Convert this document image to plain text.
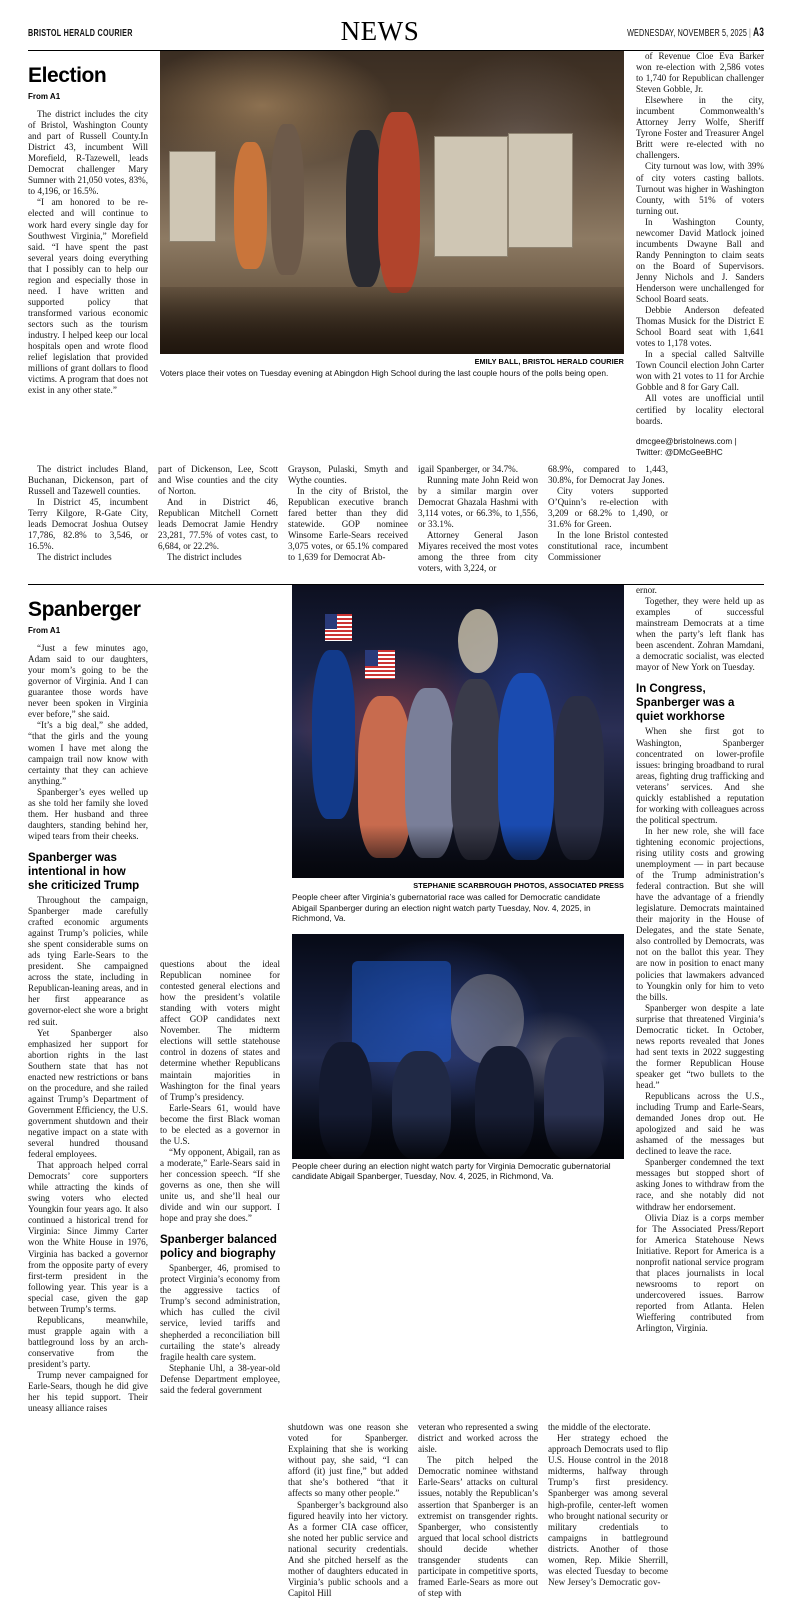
BRISTOL HERALD COURIER	NEWS	WEDNESDAY, NOVEMBER 5, 2025 | A3
Election
From A1

The district includes the city of Bristol, Washington County and part of Russell County.In District 43, incumbent Will Morefield, R-Tazewell, leads Democrat challenger Mary Sumner with 21,050 votes, 83%, to 4,196, or 16.5%.

“I am honored to be re-elected and will continue to work hard every single day for Southwest Virginia,” Morefield said. “I have spent the past several years doing everything that I possibly can to help our region and especially those in need. I have written and supported policy that transformed various economic sectors such as the tourism industry. I helped keep our local hospitals open and wrote flood relief legislation that provided millions of grant dollars to flood victims. A program that does not exist in any other state.”

EMILY BALL, BRISTOL HERALD COURIER
Voters place their votes on Tuesday evening at Abingdon High School during the last couple hours of the polls being open.

of Revenue Cloe Eva Barker won re-election with 2,586 votes to 1,740 for Republican challenger Steven Gobble, Jr.

Elsewhere in the city, incumbent Commonwealth’s Attorney Jerry Wolfe, Sheriff Tyrone Foster and Treasurer Angel Britt were re-elected with no challengers.

City turnout was low, with 39% of city voters casting ballots. Turnout was higher in Washington County, with 51% of voters turning out.

In Washington County, newcomer David Matlock joined incumbents Dwayne Ball and Randy Pennington to claim seats on the Board of Supervisors. Jenny Nichols and J. Sanders Henderson were unchallenged for School Board seats.

Debbie Anderson defeated Thomas Musick for the District E School Board seat with 1,641 votes to 1,178 votes.

In a special called Saltville Town Council election John Carter won with 21 votes to 11 for Archie Gobble and 8 for Gary Call.

All votes are unofficial until certified by locality electoral boards.

dmcgee@bristolnews.com | Twitter: @DMcGeeBHC

The district includes Bland, Buchanan, Dickenson, part of Russell and Tazewell counties.

In District 45, incumbent Terry Kilgore, R-Gate City, leads Democrat Joshua Outsey 17,786, 82.8% to 3,546, or 16.5%.

The district includes

part of Dickenson, Lee, Scott and Wise counties and the city of Norton.

And in District 46, Republican Mitchell Cornett leads Democrat Jamie Hendry 23,281, 77.5% of votes cast, to 6,684, or 22.2%.

The district includes

Grayson, Pulaski, Smyth and Wythe counties.

In the city of Bristol, the Republican executive branch fared better than they did statewide. GOP nominee Winsome Earle-Sears received 3,075 votes, or 65.1% compared to 1,639 for Democrat Ab-

igail Spanberger, or 34.7%.

Running mate John Reid won by a similar margin over Democrat Ghazala Hashmi with 3,114 votes, or 66.3%, to 1,556, or 33.1%.

Attorney General Jason Miyares received the most votes among the three from city voters, with 3,224, or

68.9%, compared to 1,443, 30.8%, for Democrat Jay Jones.

City voters supported O’Quinn’s re-election with 3,209 or 68.2% to 1,490, or 31.6% for Green.

In the lone Bristol contested constitutional race, incumbent Commissioner

Spanberger
From A1

“Just a few minutes ago, Adam said to our daughters, your mom’s going to be the governor of Virginia. And I can guarantee those words have never been spoken in Virginia ever before,” she said.

“It’s a big deal,” she added, “that the girls and the young women I have met along the campaign trail now know with certainty that they can achieve anything.”

Spanberger’s eyes welled up as she told her family she loved them. Her husband and three daughters, standing behind her, wiped tears from their cheeks.

Spanberger was intentional in how she criticized Trump

Throughout the campaign, Spanberger made carefully crafted economic arguments against Trump’s policies, while she spent considerable sums on ads tying Earle-Sears to the president. She campaigned across the state, including in Republican-leaning areas, and in her first appearance as governor-elect she wore a bright red suit.

Yet Spanberger also emphasized her support for abortion rights in the last Southern state that has not enacted new restrictions or bans on the procedure, and she railed against Trump’s Department of Government Efficiency, the U.S. government shutdown and their negative impact on a state with several hundred thousand federal employees.

That approach helped corral Democrats’ core supporters while attracting the kinds of swing voters who elected Youngkin four years ago. It also continued a historical trend for Virginia: Since Jimmy Carter won the White House in 1976, Virginia has backed a governor from the opposite party of every first-term president in the following year. This year is a special case, given the gap between Trump’s terms.

Republicans, meanwhile, must grapple again with a battleground loss by an arch-conservative from the president’s party.

Trump never campaigned for Earle-Sears, though he did give her his tepid support. Their uneasy alliance raises

questions about the ideal Republican nominee for contested general elections and how the president’s volatile standing with voters might affect GOP candidates next November. The midterm elections will settle statehouse control in dozens of states and determine whether Republicans maintain majorities in Washington for the final years of Trump’s presidency.

Earle-Sears 61, would have become the first Black woman to be elected as a governor in the U.S.

“My opponent, Abigail, ran as a moderate,” Earle-Sears said in her concession speech. “If she governs as one, then she will unite us, and she’ll heal our divide and win our support. I hope and pray she does.”

Spanberger balanced policy and biography

Spanberger, 46, promised to protect Virginia’s economy from the aggressive tactics of Trump’s second administration, which has culled the civil service, levied tariffs and shepherded a reconciliation bill curtailing the state’s already fragile health care system.

Stephanie Uhl, a 38-year-old Defense Department employee, said the federal government

STEPHANIE SCARBROUGH PHOTOS, ASSOCIATED PRESS
People cheer after Virginia’s gubernatorial race was called for Democratic candidate Abigail Spanberger during an election night watch party Tuesday, Nov. 4, 2025, in Richmond, Va.
People cheer during an election night watch party for Virginia Democratic gubernatorial candidate Abigail Spanberger, Tuesday, Nov. 4, 2025, in Richmond, Va.

ernor.

Together, they were held up as examples of successful mainstream Democrats at a time when the party’s left flank has been ascendent. Zohran Mamdani, a democratic socialist, was elected mayor of New York on Tuesday.

In Congress, Spanberger was a quiet workhorse

When she first got to Washington, Spanberger concentrated on lower-profile issues: bringing broadband to rural areas, fighting drug trafficking and veterans’ services. And she quickly established a reputation for working with colleagues across the political spectrum.

In her new role, she will face tightening economic projections, rising utility costs and growing unemployment — in part because of the Trump administration’s federal contraction. But she will have the advantage of a friendly legislature. Democrats maintained their majority in the House of Delegates, and the state Senate, also controlled by Democrats, was not on the ballot this year. They are now in position to enact many policies that lawmakers advanced to Youngkin only for him to veto the bills.

Spanberger won despite a late surprise that threatened Virginia’s Democratic ticket. In October, news reports revealed that Jones had sent texts in 2022 suggesting the former Republican House speaker get “two bullets to the head.”

Republicans across the U.S., including Trump and Earle-Sears, demanded Jones drop out. He apologized and said he was ashamed of the messages but declined to leave the race.

Spanberger condemned the text messages but stopped short of asking Jones to withdraw from the race, and she notably did not withdraw her endorsement.

Olivia Diaz is a corps member for The Associated Press/Report for America Statehouse News Initiative. Report for America is a nonprofit national service program that places journalists in local newsrooms to report on undercovered issues. Barrow reported from Atlanta. Helen Wieffering contributed from Arlington, Virginia.

shutdown was one reason she voted for Spanberger. Explaining that she is working without pay, she said, “I can afford (it) just fine,” but added that she’s bothered “that it affects so many other people.”

Spanberger’s background also figured heavily into her victory. As a former CIA case officer, she noted her public service and national security credentials. And she pitched herself as the mother of daughters educated in Virginia’s public schools and a Capitol Hill

veteran who represented a swing district and worked across the aisle.

The pitch helped the Democratic nominee withstand Earle-Sears’ attacks on cultural issues, notably the Republican’s assertion that Spanberger is an extremist on transgender rights. Spanberger, who consistently argued that local school districts should decide whether transgender students can participate in competitive sports, framed Earle-Sears as more out of step with

the middle of the electorate.

Her strategy echoed the approach Democrats used to flip U.S. House control in the 2018 midterms, halfway through Trump’s first presidency. Spanberger was among several high-profile, center-left women who brought national security or military credentials to campaigns in battleground districts. Another of those women, Rep. Mikie Sherrill, was elected Tuesday to become New Jersey’s Democratic gov-
